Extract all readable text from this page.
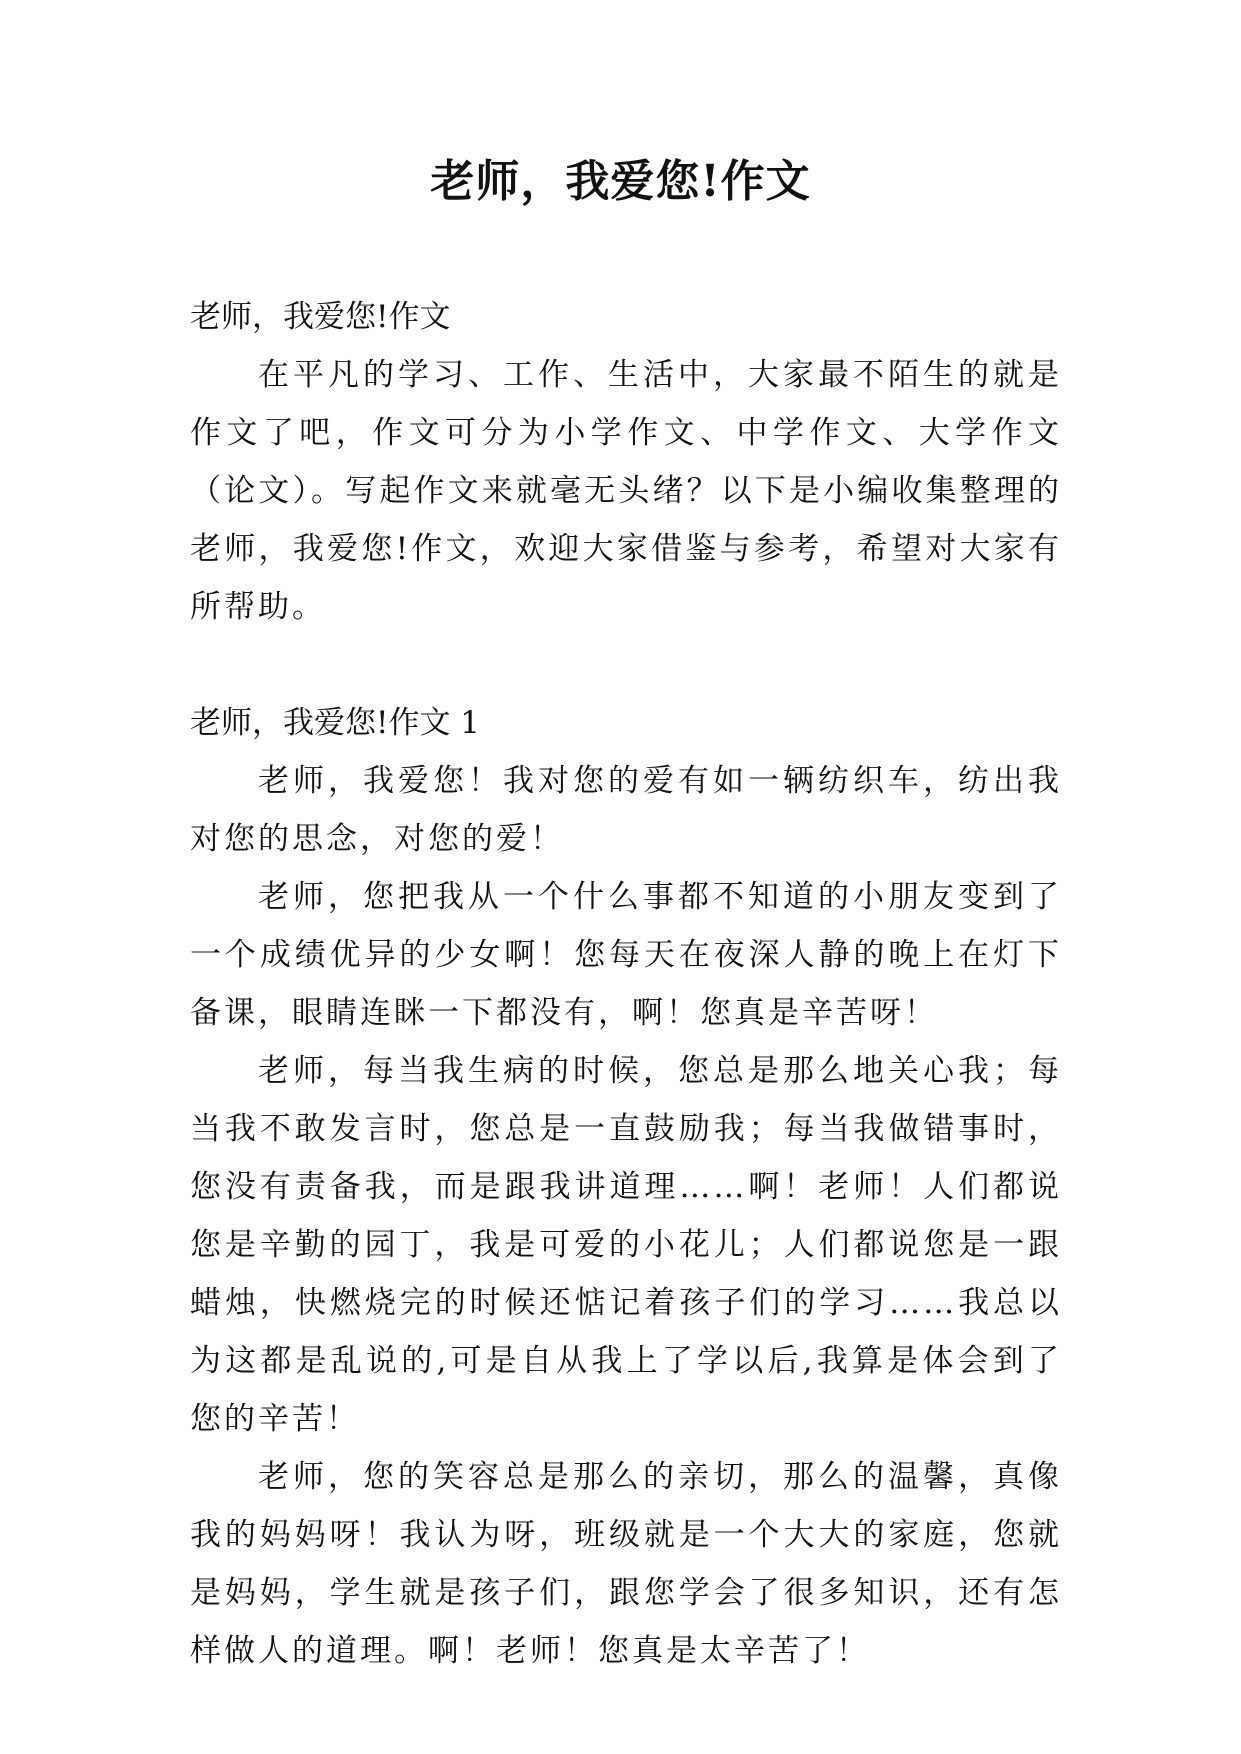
老师，我爱您!作文

老师，我爱您!作文

在平凡的学习、工作、生活中，大家最不陌生的就是作文了吧，作文可分为小学作文、中学作文、大学作文（论文）。写起作文来就毫无头绪？以下是小编收集整理的老师，我爱您!作文，欢迎大家借鉴与参考，希望对大家有所帮助。

老师，我爱您!作文 1

老师，我爱您！我对您的爱有如一辆纺织车，纺出我对您的思念，对您的爱！

老师，您把我从一个什么事都不知道的小朋友变到了一个成绩优异的少女啊！您每天在夜深人静的晚上在灯下备课，眼睛连眯一下都没有，啊！您真是辛苦呀！

老师，每当我生病的时候，您总是那么地关心我；每当我不敢发言时，您总是一直鼓励我；每当我做错事时，您没有责备我，而是跟我讲道理……啊！老师！人们都说您是辛勤的园丁，我是可爱的小花儿；人们都说您是一跟蜡烛，快燃烧完的时候还惦记着孩子们的学习……我总以为这都是乱说的,可是自从我上了学以后,我算是体会到了您的辛苦！

老师，您的笑容总是那么的亲切，那么的温馨，真像我的妈妈呀！我认为呀，班级就是一个大大的家庭，您就是妈妈，学生就是孩子们，跟您学会了很多知识，还有怎样做人的道理。啊！老师！您真是太辛苦了！
